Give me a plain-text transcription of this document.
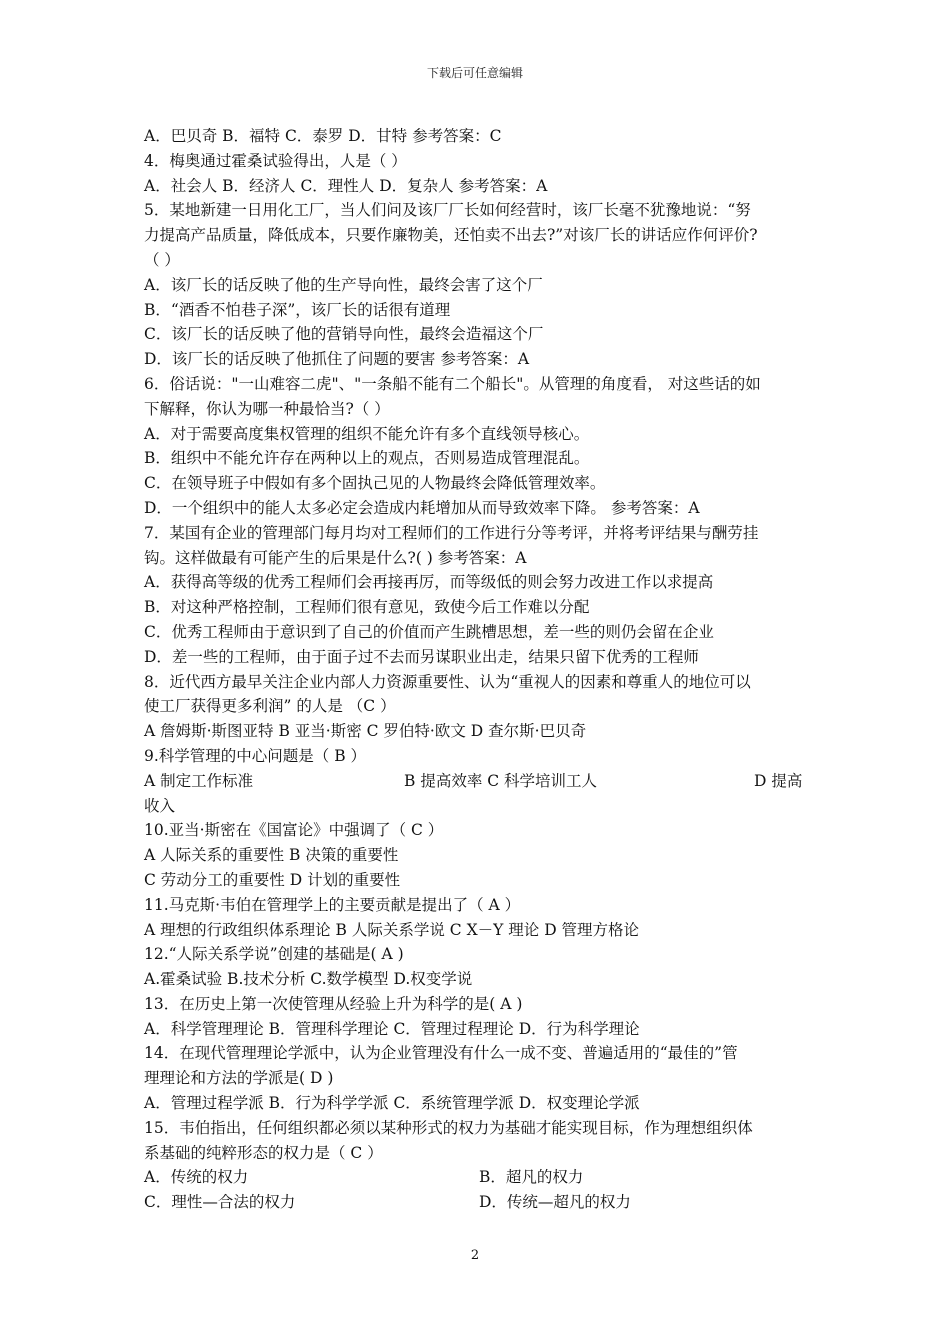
下载后可任意编辑
A．巴贝奇 B．福特 C．泰罗 D．甘特 参考答案：C
4．梅奥通过霍桑试验得出，人是（ ）
A．社会人 B．经济人 C．理性人 D．复杂人 参考答案：A
5．某地新建一日用化工厂，当人们问及该厂厂长如何经营时，该厂长毫不犹豫地说：“努
力提高产品质量，降低成本，只要作廉物美，还怕卖不出去?”对该厂长的讲话应作何评价?
（ ）
A．该厂长的话反映了他的生产导向性，最终会害了这个厂
B．“酒香不怕巷子深”，该厂长的话很有道理
C．该厂长的话反映了他的营销导向性，最终会造福这个厂
D．该厂长的话反映了他抓住了问题的要害 参考答案：A
6．俗话说："一山难容二虎"、"一条船不能有二个船长"。从管理的角度看， 对这些话的如
下解释，你认为哪一种最恰当?（ ）
A．对于需要高度集权管理的组织不能允许有多个直线领导核心。
B．组织中不能允许存在两种以上的观点，否则易造成管理混乱。
C．在领导班子中假如有多个固执己见的人物最终会降低管理效率。
D．一个组织中的能人太多必定会造成内耗增加从而导致效率下降。 参考答案：A
7．某国有企业的管理部门每月均对工程师们的工作进行分等考评，并将考评结果与酬劳挂
钩。这样做最有可能产生的后果是什么?( ) 参考答案：A
A．获得高等级的优秀工程师们会再接再厉，而等级低的则会努力改进工作以求提高
B．对这种严格控制，工程师们很有意见，致使今后工作难以分配
C．优秀工程师由于意识到了自己的价值而产生跳槽思想，差一些的则仍会留在企业
D．差一些的工程师，由于面子过不去而另谋职业出走，结果只留下优秀的工程师
8．近代西方最早关注企业内部人力资源重要性、认为“重视人的因素和尊重人的地位可以
使工厂获得更多利润” 的人是 （C ）
A 詹姆斯·斯图亚特 B 亚当·斯密 C 罗伯特·欧文 D 查尔斯·巴贝奇
9.科学管理的中心问题是（ B ）
A 制定工作标准	B 提高效率 C 科学培训工人	D 提高
收入
10.亚当·斯密在《国富论》中强调了（ C ）
A 人际关系的重要性 B 决策的重要性
C 劳动分工的重要性 D 计划的重要性
11.马克斯·韦伯在管理学上的主要贡献是提出了（ A ）
A 理想的行政组织体系理论 B 人际关系学说 C X－Y 理论 D 管理方格论
12.“人际关系学说”创建的基础是( A )
A.霍桑试验 B.技术分析 C.数学模型 D.权变学说
13．在历史上第一次使管理从经验上升为科学的是( A )
A．科学管理理论 B．管理科学理论 C．管理过程理论 D．行为科学理论
14．在现代管理理论学派中，认为企业管理没有什么一成不变、普遍适用的“最佳的”管
理理论和方法的学派是( D )
A．管理过程学派 B．行为科学学派 C．系统管理学派 D．权变理论学派
15．韦伯指出，任何组织都必须以某种形式的权力为基础才能实现目标，作为理想组织体
系基础的纯粹形态的权力是（ C ）
A．传统的权力	B．超凡的权力
C．理性—合法的权力	D．传统—超凡的权力
2
